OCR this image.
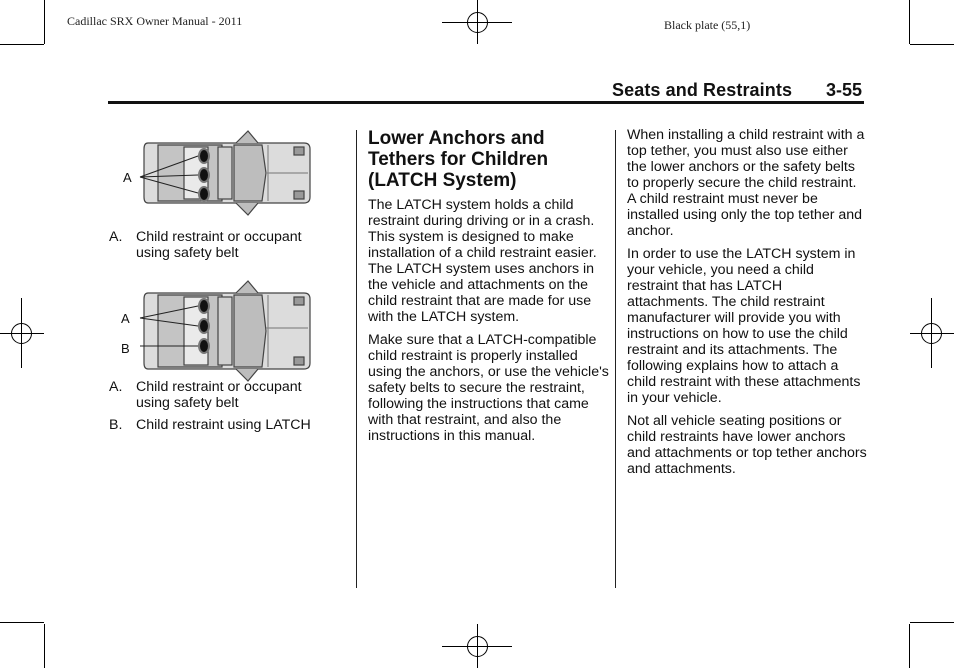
Cadillac SRX Owner Manual - 2011	Black plate (55,1)
Seats and Restraints 3-55
A
A. Child restraint or occupant using safety belt
A
B
A. Child restraint or occupant using safety belt
B. Child restraint using LATCH
Lower Anchors and Tethers for Children (LATCH System)

The LATCH system holds a child restraint during driving or in a crash. This system is designed to make installation of a child restraint easier. The LATCH system uses anchors in the vehicle and attachments on the child restraint that are made for use with the LATCH system.

Make sure that a LATCH-compatible child restraint is properly installed using the anchors, or use the vehicle's safety belts to secure the restraint, following the instructions that came with that restraint, and also the instructions in this manual.

When installing a child restraint with a top tether, you must also use either the lower anchors or the safety belts to properly secure the child restraint. A child restraint must never be installed using only the top tether and anchor.

In order to use the LATCH system in your vehicle, you need a child restraint that has LATCH attachments. The child restraint manufacturer will provide you with instructions on how to use the child restraint and its attachments. The following explains how to attach a child restraint with these attachments in your vehicle.

Not all vehicle seating positions or child restraints have lower anchors and attachments or top tether anchors and attachments.
